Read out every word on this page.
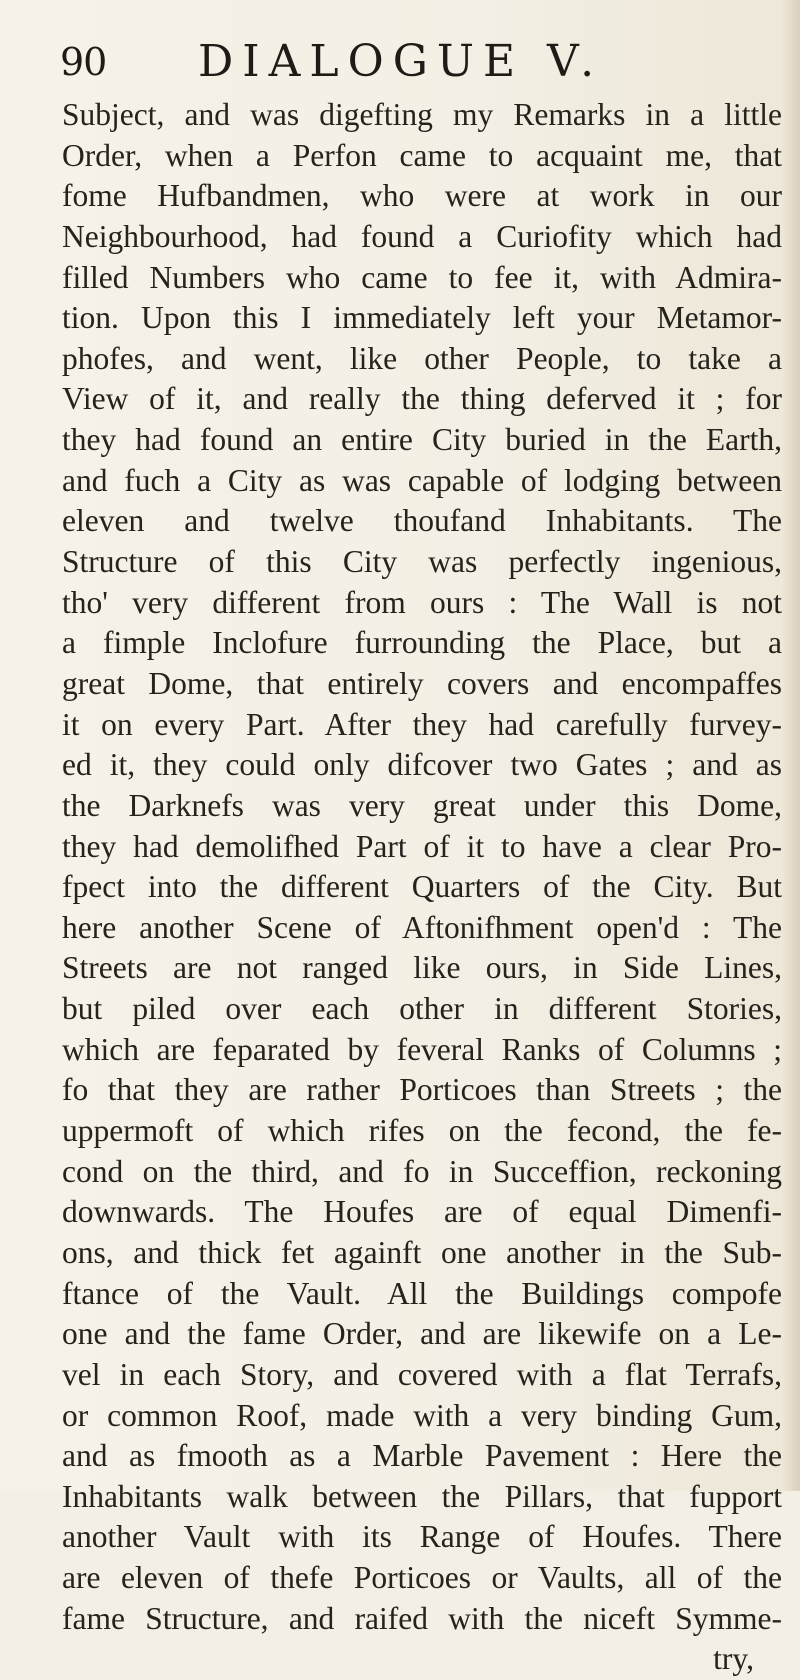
90 DIALOGUE V.
Subject, and was digefting my Remarks in a little
Order, when a Perfon came to acquaint me, that
fome Hufbandmen, who were at work in our
Neighbourhood, had found a Curiofity which had
filled Numbers who came to fee it, with Admira-
tion. Upon this I immediately left your Metamor-
phofes, and went, like other People, to take a
View of it, and really the thing deferved it ; for
they had found an entire City buried in the Earth,
and fuch a City as was capable of lodging between
eleven and twelve thoufand Inhabitants. The
Structure of this City was perfectly ingenious,
tho' very different from ours : The Wall is not
a fimple Inclofure furrounding the Place, but a
great Dome, that entirely covers and encompaffes
it on every Part. After they had carefully furvey-
ed it, they could only difcover two Gates ; and as
the Darknefs was very great under this Dome,
they had demolifhed Part of it to have a clear Pro-
fpect into the different Quarters of the City. But
here another Scene of Aftonifhment open'd : The
Streets are not ranged like ours, in Side Lines,
but piled over each other in different Stories,
which are feparated by feveral Ranks of Columns ;
fo that they are rather Porticoes than Streets ; the
uppermoft of which rifes on the fecond, the fe-
cond on the third, and fo in Succeffion, reckoning
downwards. The Houfes are of equal Dimenfi-
ons, and thick fet againft one another in the Sub-
ftance of the Vault. All the Buildings compofe
one and the fame Order, and are likewife on a Le-
vel in each Story, and covered with a flat Terrafs,
or common Roof, made with a very binding Gum,
and as fmooth as a Marble Pavement : Here the
Inhabitants walk between the Pillars, that fupport
another Vault with its Range of Houfes. There
are eleven of thefe Porticoes or Vaults, all of the
fame Structure, and raifed with the niceft Symme-
try,
